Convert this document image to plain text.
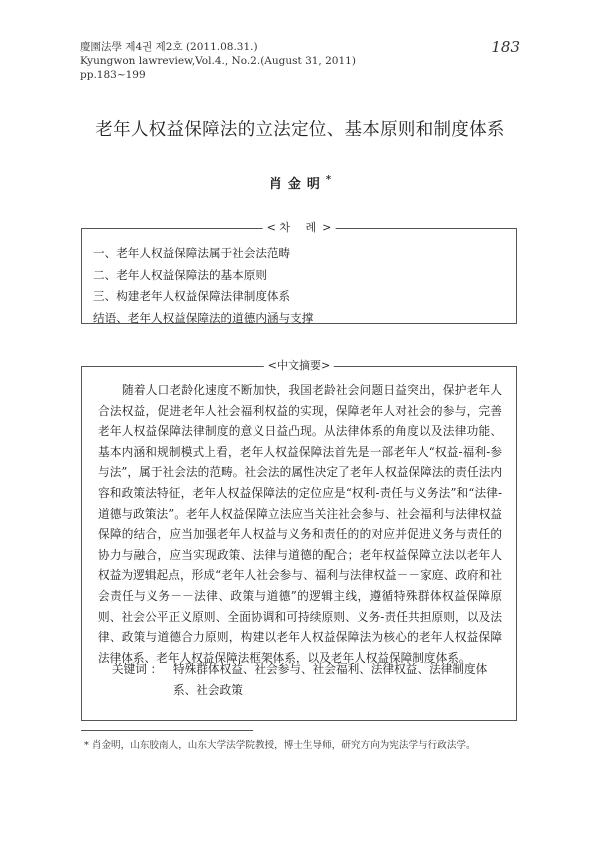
慶園法學 제4권 제2호 (2011.08.31.)
Kyungwon lawreview,Vol.4., No.2.(August 31, 2011)
pp.183~199
183
老年人权益保障法的立法定位、基本原则和制度体系
肖金明*
< 차 례>
一、老年人权益保障法属于社会法范畴
二、老年人权益保障法的基本原则
三、构建老年人权益保障法律制度体系
结语、老年人权益保障法的道德内涵与支撑
<中文摘要>

随着人口老龄化速度不断加快，我国老龄社会问题日益突出，保护老年人合法权益，促进老年人社会福利权益的实现，保障老年人对社会的参与，完善老年人权益保障法律制度的意义日益凸现。从法律体系的角度以及法律功能、基本内涵和规制模式上看，老年人权益保障法首先是一部老年人“权益-福利-参与法”，属于社会法的范畴。社会法的属性决定了老年人权益保障法的责任法内容和政策法特征，老年人权益保障法的定位应是“权利-责任与义务法”和“法律-道德与政策法”。老年人权益保障立法应当关注社会参与、社会福利与法律权益保障的结合，应当加强老年人权益与义务和责任的的对应并促进义务与责任的协力与融合，应当实现政策、法律与道德的配合；老年权益保障立法以老年人权益为逻辑起点，形成“老年人社会参与、福利与法律权益－－家庭、政府和社会责任与义务－－法律、政策与道德”的逻辑主线，遵循特殊群体权益保障原则、社会公平正义原则、全面协调和可持续原则、义务-责任共担原则，以及法律、政策与道德合力原则，构建以老年人权益保障法为核心的老年人权益保障法律体系、老年人权益保障法框架体系，以及老年人权益保障制度体系。

关键词 ： 特殊群体权益、社会参与、社会福利、法律权益、法律制度体系、社会政策
* 肖金明，山东胶南人，山东大学法学院教授，博士生导师，研究方向为宪法学与行政法学。
